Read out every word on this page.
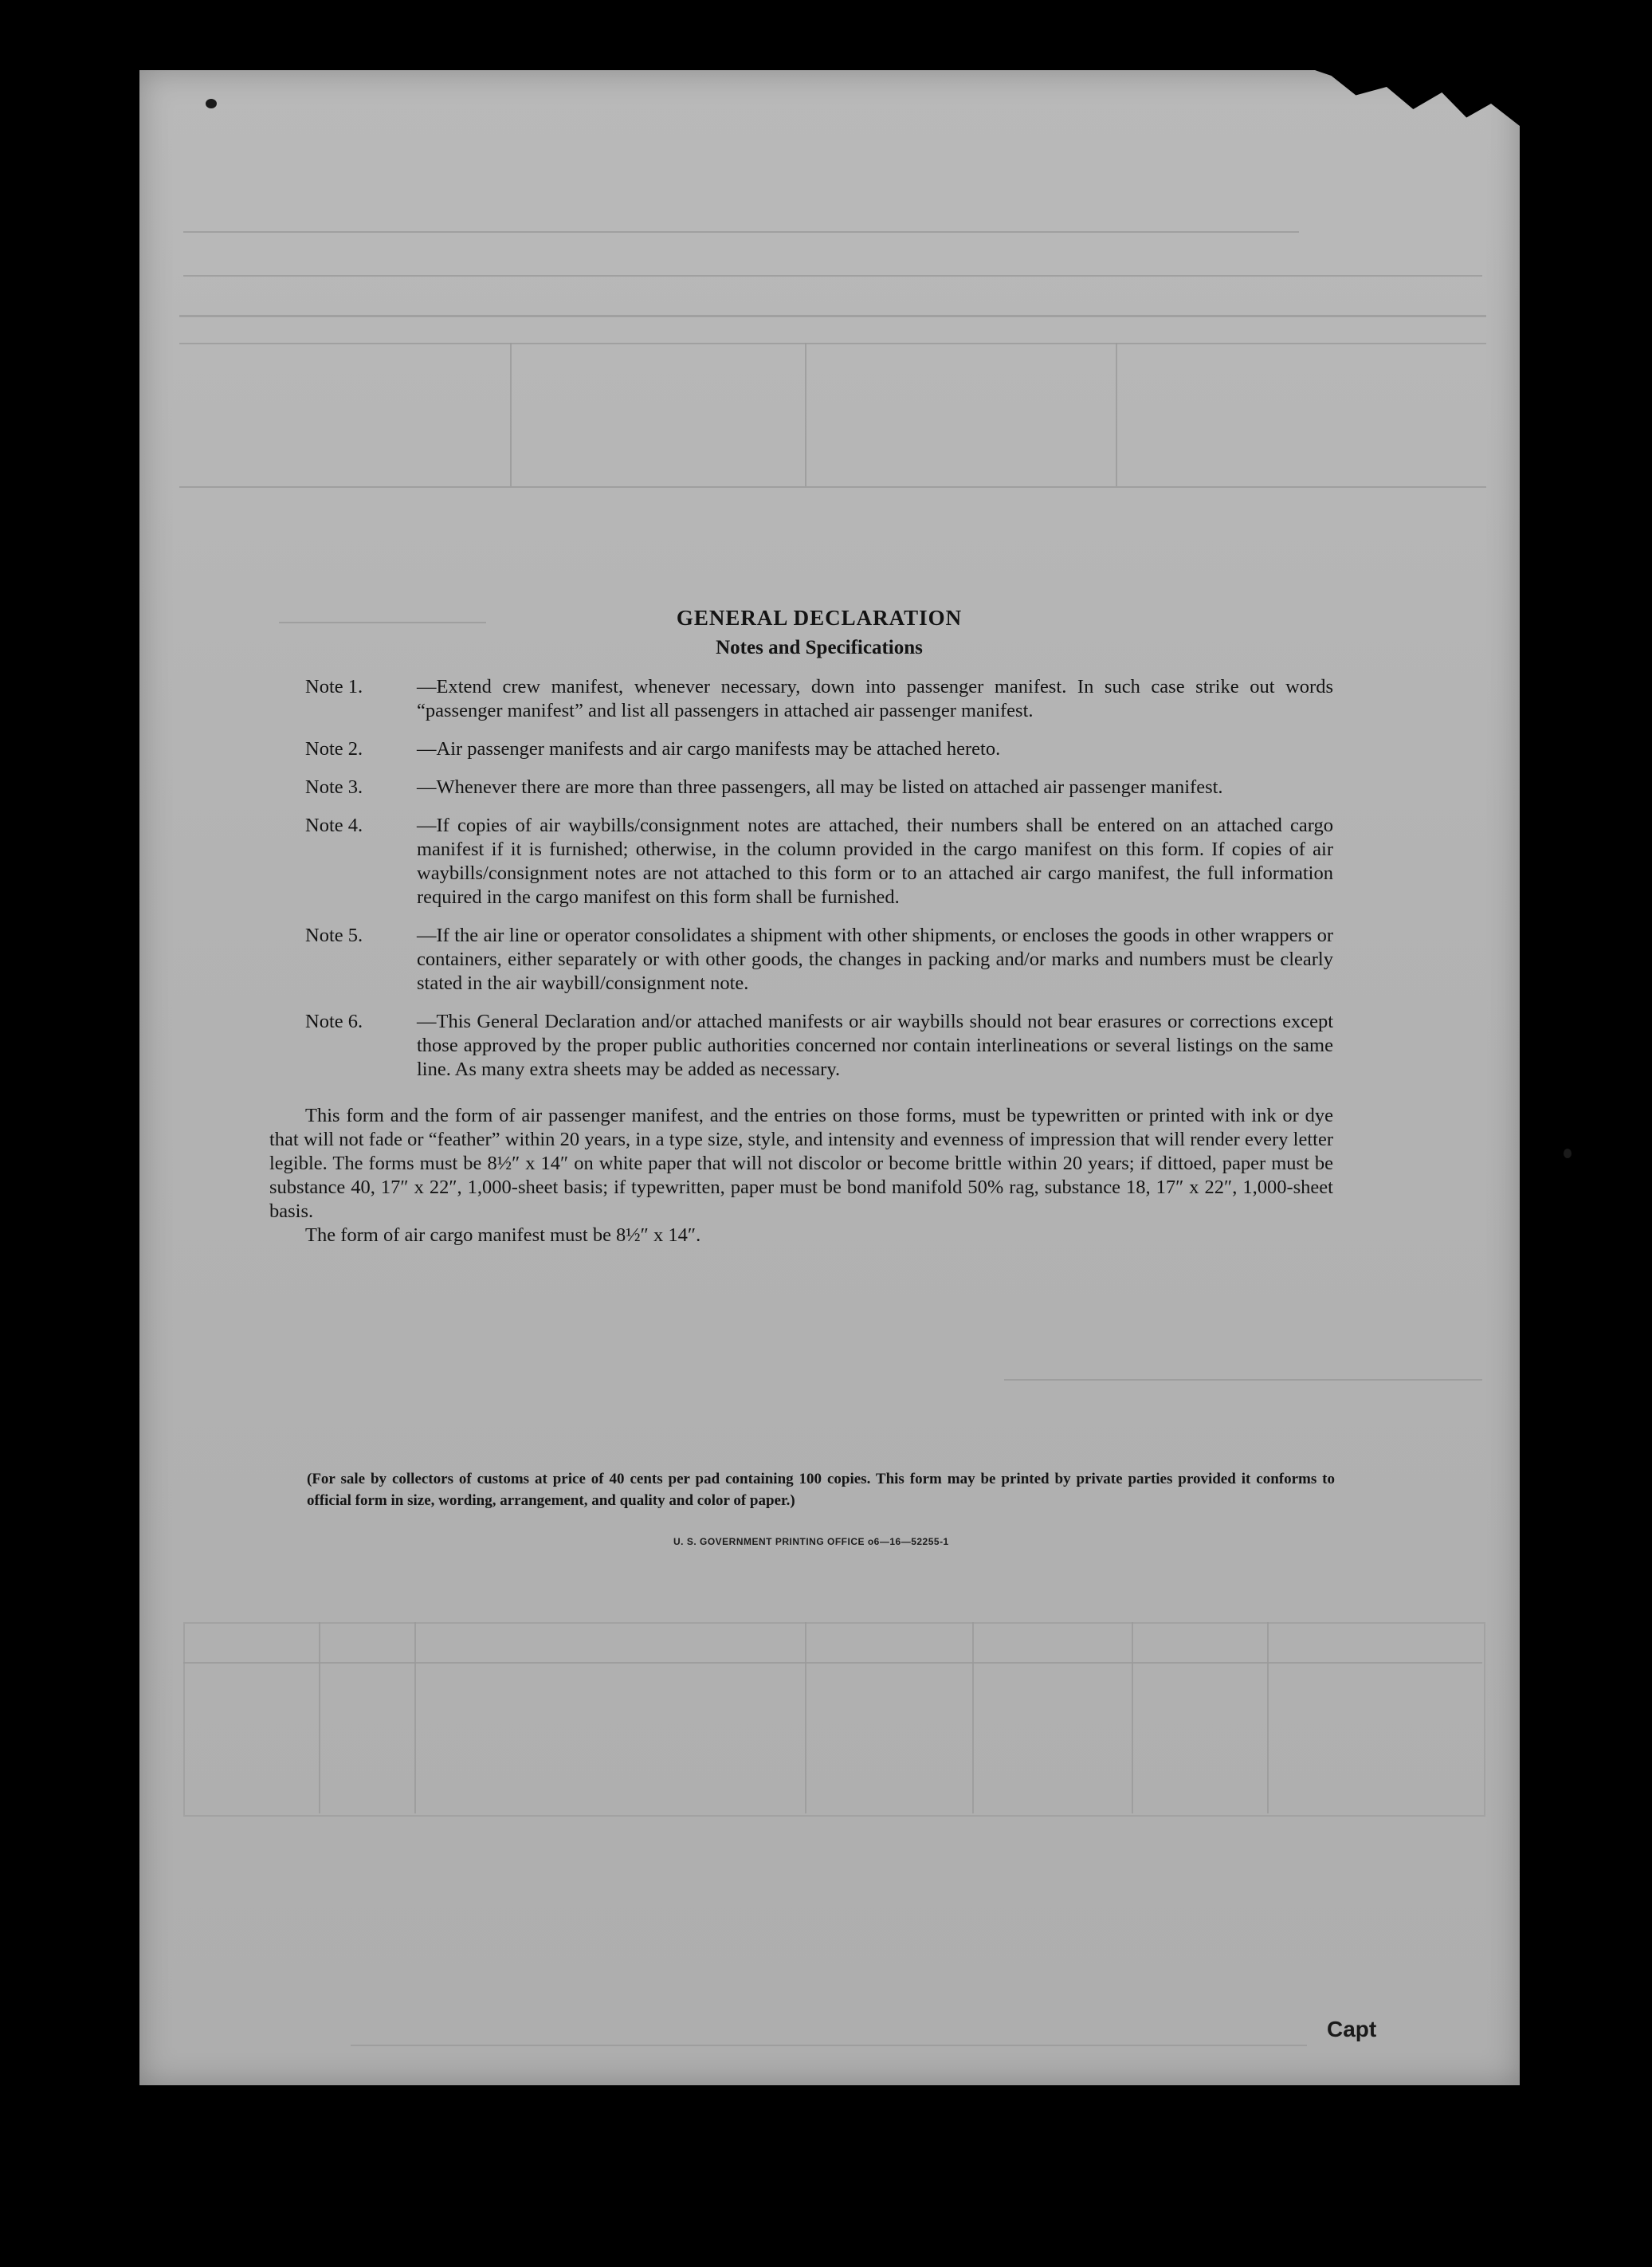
GENERAL DECLARATION
Notes and Specifications
Note 1.	—Extend crew manifest, whenever necessary, down into passenger manifest. In such case strike out words “passenger manifest” and list all passengers in attached air passenger manifest.
Note 2.	—Air passenger manifests and air cargo manifests may be attached hereto.
Note 3.	—Whenever there are more than three passengers, all may be listed on attached air passenger manifest.
Note 4.	—If copies of air waybills/consignment notes are attached, their numbers shall be entered on an attached cargo manifest if it is furnished; otherwise, in the column provided in the cargo manifest on this form. If copies of air waybills/consignment notes are not attached to this form or to an attached air cargo manifest, the full information required in the cargo manifest on this form shall be furnished.
Note 5.	—If the air line or operator consolidates a shipment with other shipments, or encloses the goods in other wrappers or containers, either separately or with other goods, the changes in packing and/or marks and numbers must be clearly stated in the air waybill/consignment note.
Note 6.	—This General Declaration and/or attached manifests or air waybills should not bear erasures or corrections except those approved by the proper public authorities concerned nor contain interlineations or several listings on the same line. As many extra sheets may be added as necessary.
This form and the form of air passenger manifest, and the entries on those forms, must be typewritten or printed with ink or dye that will not fade or “feather” within 20 years, in a type size, style, and intensity and evenness of impression that will render every letter legible. The forms must be 8½″ x 14″ on white paper that will not discolor or become brittle within 20 years; if dittoed, paper must be substance 40, 17″ x 22″, 1,000-sheet basis; if typewritten, paper must be bond manifold 50% rag, substance 18, 17″ x 22″, 1,000-sheet basis.
The form of air cargo manifest must be 8½″ x 14″.
(For sale by collectors of customs at price of 40 cents per pad containing 100 copies. This form may be printed by private parties provided it conforms to official form in size, wording, arrangement, and quality and color of paper.)
U. S. GOVERNMENT PRINTING OFFICE o6—16—52255-1
Capt
